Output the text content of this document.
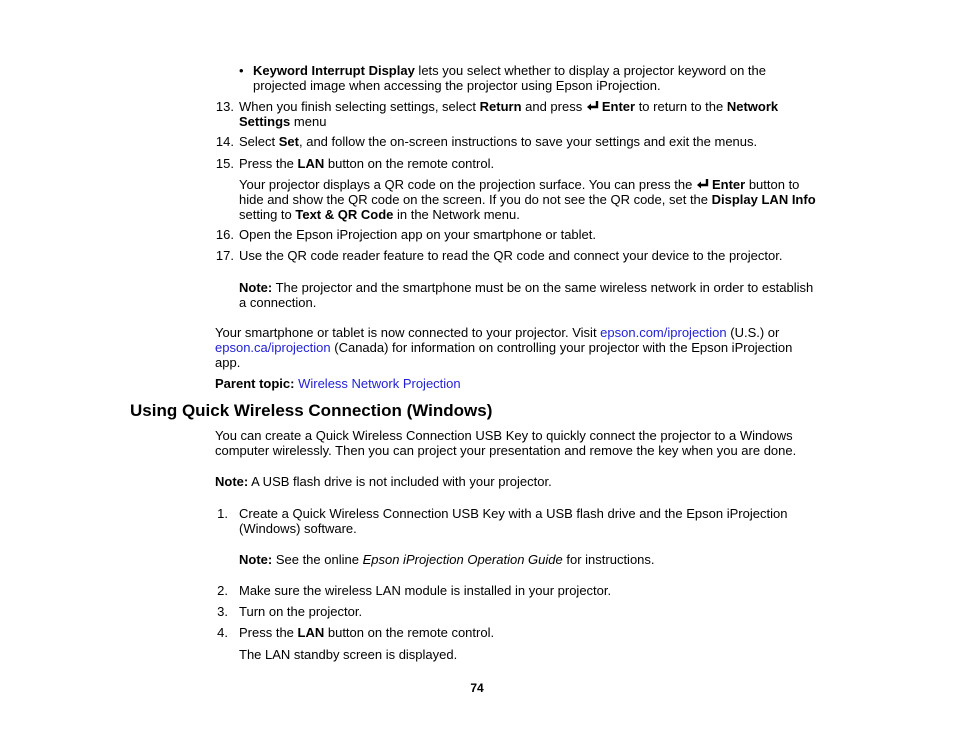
• Keyword Interrupt Display lets you select whether to display a projector keyword on the
projected image when accessing the projector using Epson iProjection.
13. When you finish selecting settings, select Return and press Enter to return to the Network
Settings menu
14. Select Set, and follow the on-screen instructions to save your settings and exit the menus.
15. Press the LAN button on the remote control.
Your projector displays a QR code on the projection surface. You can press the Enter button to
hide and show the QR code on the screen. If you do not see the QR code, set the Display LAN Info
setting to Text & QR Code in the Network menu.
16. Open the Epson iProjection app on your smartphone or tablet.
17. Use the QR code reader feature to read the QR code and connect your device to the projector.
Note: The projector and the smartphone must be on the same wireless network in order to establish
a connection.
Your smartphone or tablet is now connected to your projector. Visit epson.com/iprojection (U.S.) or
epson.ca/iprojection (Canada) for information on controlling your projector with the Epson iProjection
app.
Parent topic: Wireless Network Projection
Using Quick Wireless Connection (Windows)
You can create a Quick Wireless Connection USB Key to quickly connect the projector to a Windows
computer wirelessly. Then you can project your presentation and remove the key when you are done.
Note: A USB flash drive is not included with your projector.
1. Create a Quick Wireless Connection USB Key with a USB flash drive and the Epson iProjection
(Windows) software.
Note: See the online Epson iProjection Operation Guide for instructions.
2. Make sure the wireless LAN module is installed in your projector.
3. Turn on the projector.
4. Press the LAN button on the remote control.
The LAN standby screen is displayed.
74
